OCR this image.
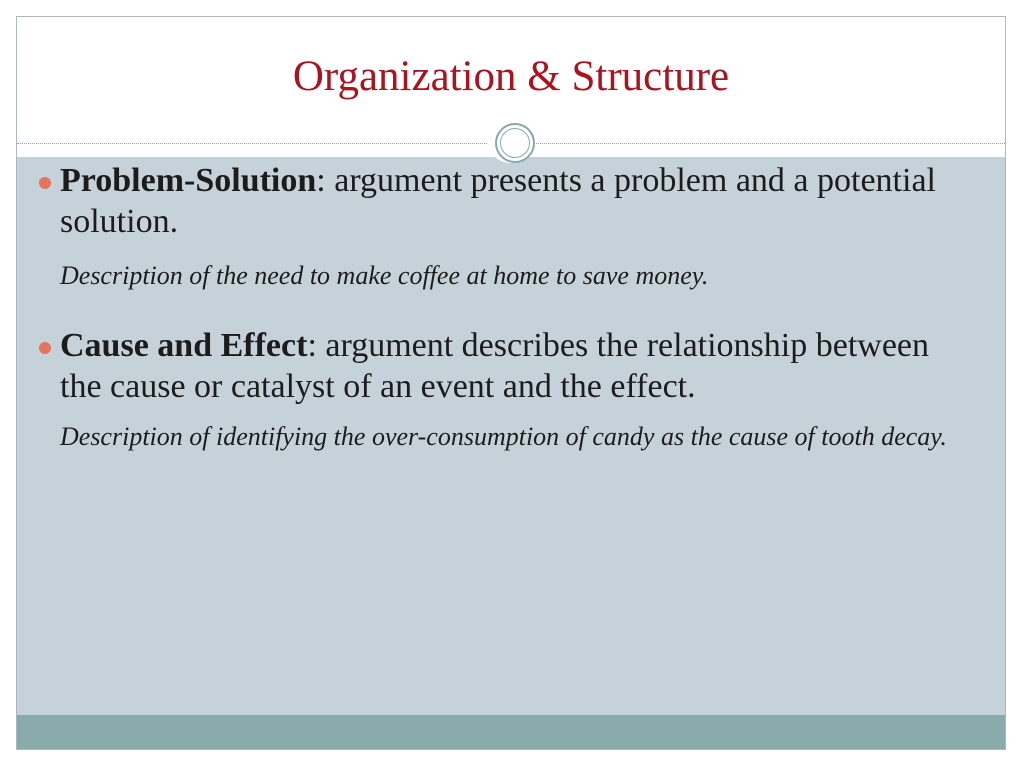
Organization & Structure
Problem-Solution: argument presents a problem and a potential solution.
Description of the need to make coffee at home to save money.
Cause and Effect: argument describes the relationship between the cause or catalyst of an event and the effect.
Description of identifying the over-consumption of candy as the cause of tooth decay.
